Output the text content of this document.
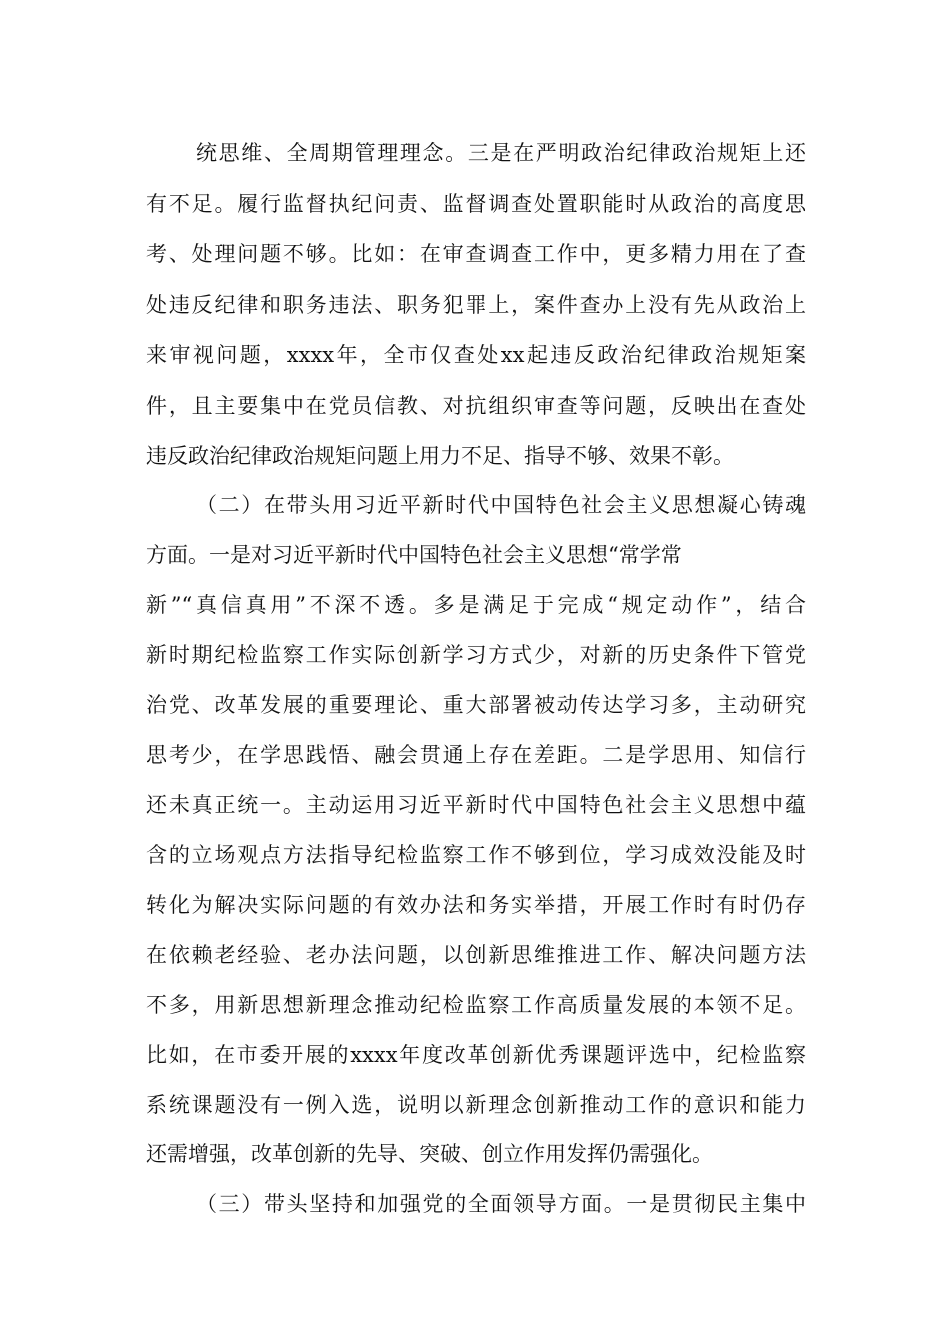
统思维、全周期管理理念。三是在严明政治纪律政治规矩上还
有不足。履行监督执纪问责、监督调查处置职能时从政治的高度思
考、处理问题不够。比如：在审查调查工作中，更多精力用在了查
处违反纪律和职务违法、职务犯罪上，案件查办上没有先从政治上
来审视问题，xxxx年，全市仅查处xx起违反政治纪律政治规矩案
件，且主要集中在党员信教、对抗组织审查等问题，反映出在查处
违反政治纪律政治规矩问题上用力不足、指导不够、效果不彰。
（二）在带头用习近平新时代中国特色社会主义思想凝心铸魂
方面。一是对习近平新时代中国特色社会主义思想“常学常
新”“真信真用”不深不透。多是满足于完成“规定动作”，结合
新时期纪检监察工作实际创新学习方式少，对新的历史条件下管党
治党、改革发展的重要理论、重大部署被动传达学习多，主动研究
思考少，在学思践悟、融会贯通上存在差距。二是学思用、知信行
还未真正统一。主动运用习近平新时代中国特色社会主义思想中蕴
含的立场观点方法指导纪检监察工作不够到位，学习成效没能及时
转化为解决实际问题的有效办法和务实举措，开展工作时有时仍存
在依赖老经验、老办法问题，以创新思维推进工作、解决问题方法
不多，用新思想新理念推动纪检监察工作高质量发展的本领不足。
比如，在市委开展的xxxx年度改革创新优秀课题评选中，纪检监察
系统课题没有一例入选，说明以新理念创新推动工作的意识和能力
还需增强，改革创新的先导、突破、创立作用发挥仍需强化。
（三）带头坚持和加强党的全面领导方面。一是贯彻民主集中
